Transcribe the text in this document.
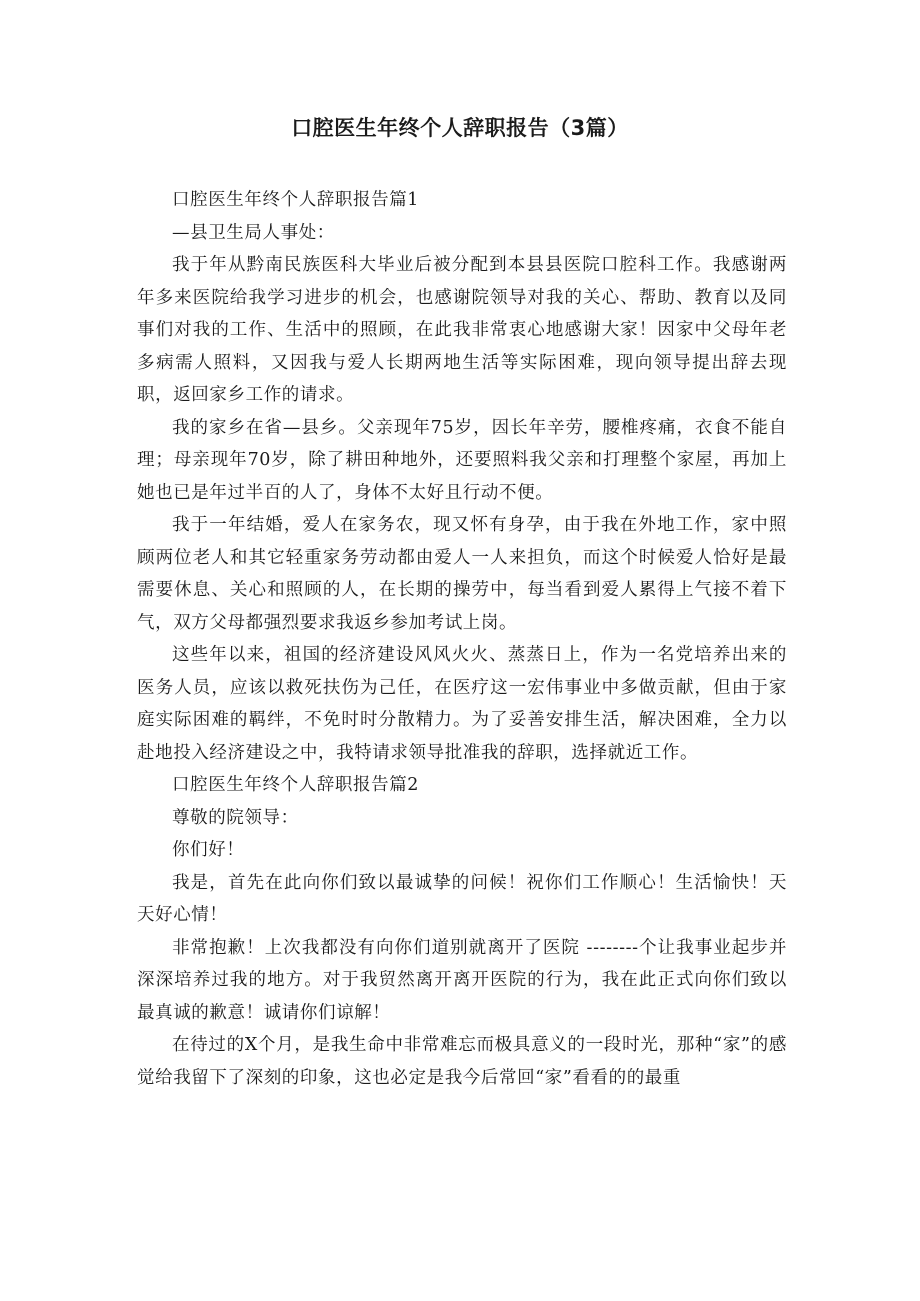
口腔医生年终个人辞职报告（3篇）

口腔医生年终个人辞职报告篇1

—县卫生局人事处：

我于年从黔南民族医科大毕业后被分配到本县县医院口腔科工作。我感谢两年多来医院给我学习进步的机会，也感谢院领导对我的关心、帮助、教育以及同事们对我的工作、生活中的照顾，在此我非常衷心地感谢大家！因家中父母年老多病需人照料，又因我与爱人长期两地生活等实际困难，现向领导提出辞去现职，返回家乡工作的请求。

我的家乡在省—县乡。父亲现年75岁，因长年辛劳，腰椎疼痛，衣食不能自理；母亲现年70岁，除了耕田种地外，还要照料我父亲和打理整个家屋，再加上她也已是年过半百的人了，身体不太好且行动不便。

我于一年结婚，爱人在家务农，现又怀有身孕，由于我在外地工作，家中照顾两位老人和其它轻重家务劳动都由爱人一人来担负，而这个时候爱人恰好是最需要休息、关心和照顾的人，在长期的操劳中，每当看到爱人累得上气接不着下气，双方父母都强烈要求我返乡参加考试上岗。

这些年以来，祖国的经济建设风风火火、蒸蒸日上，作为一名党培养出来的医务人员，应该以救死扶伤为己任，在医疗这一宏伟事业中多做贡献，但由于家庭实际困难的羁绊，不免时时分散精力。为了妥善安排生活，解决困难，全力以赴地投入经济建设之中，我特请求领导批准我的辞职，选择就近工作。

口腔医生年终个人辞职报告篇2

尊敬的院领导：

你们好！

我是，首先在此向你们致以最诚挚的问候！祝你们工作顺心！生活愉快！天天好心情！

非常抱歉！上次我都没有向你们道别就离开了医院 --------个让我事业起步并深深培养过我的地方。对于我贸然离开离开医院的行为，我在此正式向你们致以最真诚的歉意！诚请你们谅解！

在待过的X个月，是我生命中非常难忘而极具意义的一段时光，那种“家”的感觉给我留下了深刻的印象，这也必定是我今后常回“家”看看的的最重
